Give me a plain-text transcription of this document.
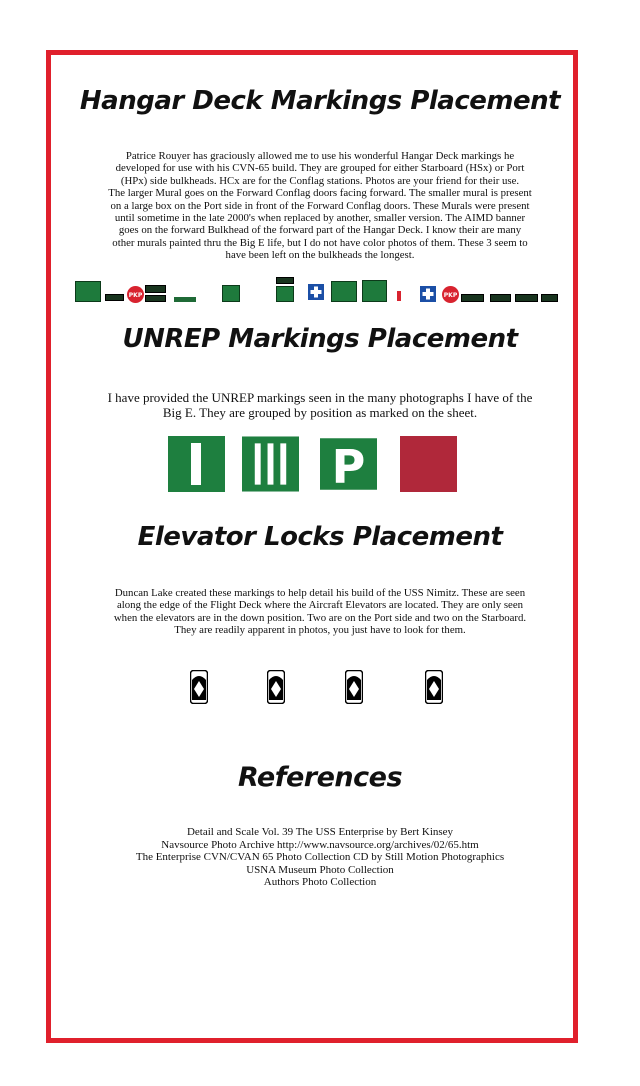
Hangar Deck Markings Placement
Patrice Rouyer has graciously allowed me to use his wonderful Hangar Deck markings he
developed for use with his CVN-65 build. They are grouped for either Starboard (HSx) or Port
(HPx) side bulkheads. HCx are for the Conflag stations. Photos are your friend for their use.
The larger Mural goes on the Forward Conflag doors facing forward. The smaller mural is present
on a large box on the Port side in front of the Forward Conflag doors. These Murals were present
until sometime in the late 2000's when replaced by another, smaller version. The AIMD banner
goes on the forward Bulkhead of the forward part of the Hangar Deck. I know their are many
other murals painted thru the Big E life, but I do not have color photos of them. These 3 seem to
have been left on the bulkheads the longest.
PKP	PKP
UNREP Markings Placement
I have provided the UNREP markings seen in the many photographs I have of the
Big E. They are grouped by position as marked on the sheet.
P
Elevator Locks Placement
Duncan Lake created these markings to help detail his build of the USS Nimitz. These are seen
along the edge of the Flight Deck where the Aircraft Elevators are located. They are only seen
when the elevators are in the down position. Two are on the Port side and two on the Starboard.
They are readily apparent in photos, you just have to look for them.
References
Detail and Scale Vol. 39 The USS Enterprise by Bert Kinsey
Navsource Photo Archive http://www.navsource.org/archives/02/65.htm
The Enterprise CVN/CVAN 65 Photo Collection CD by Still Motion Photographics
USNA Museum Photo Collection
Authors Photo Collection
